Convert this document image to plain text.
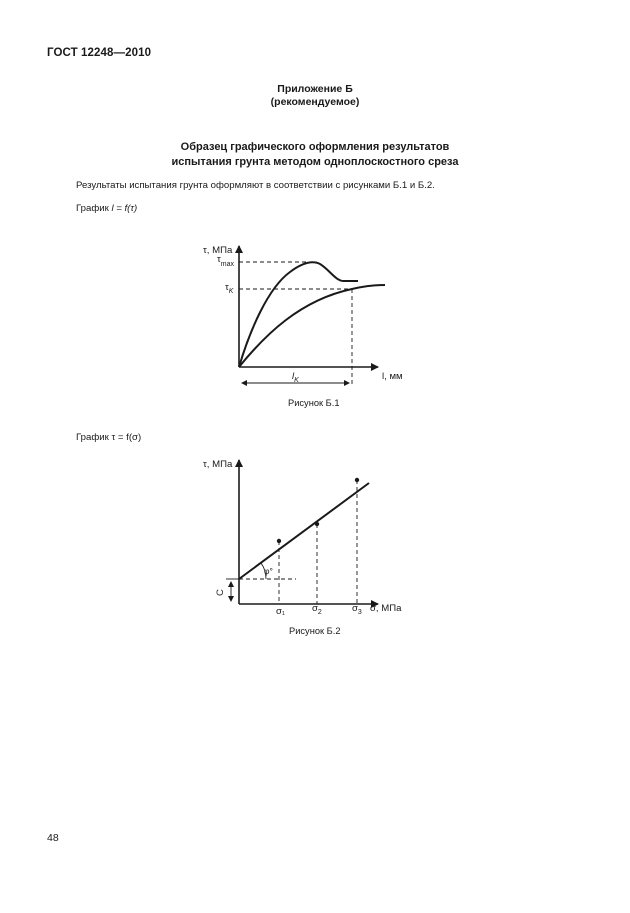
ГОСТ 12248—2010
Приложение Б
(рекомендуемое)
Образец графического оформления результатов
испытания грунта методом одноплоскостного среза
Результаты испытания грунта оформляют в соответствии с рисунками Б.1 и Б.2.
График l = f(τ)
τ, МПа
$\tau_{max}$
$\tau_K$
$l_K$	l, мм
Рисунок Б.1
График τ = f(σ)
τ, МПа
φ°
C
σ1	$\sigma_2$	$\sigma_3$ σ, МПа
Рисунок Б.2
48
